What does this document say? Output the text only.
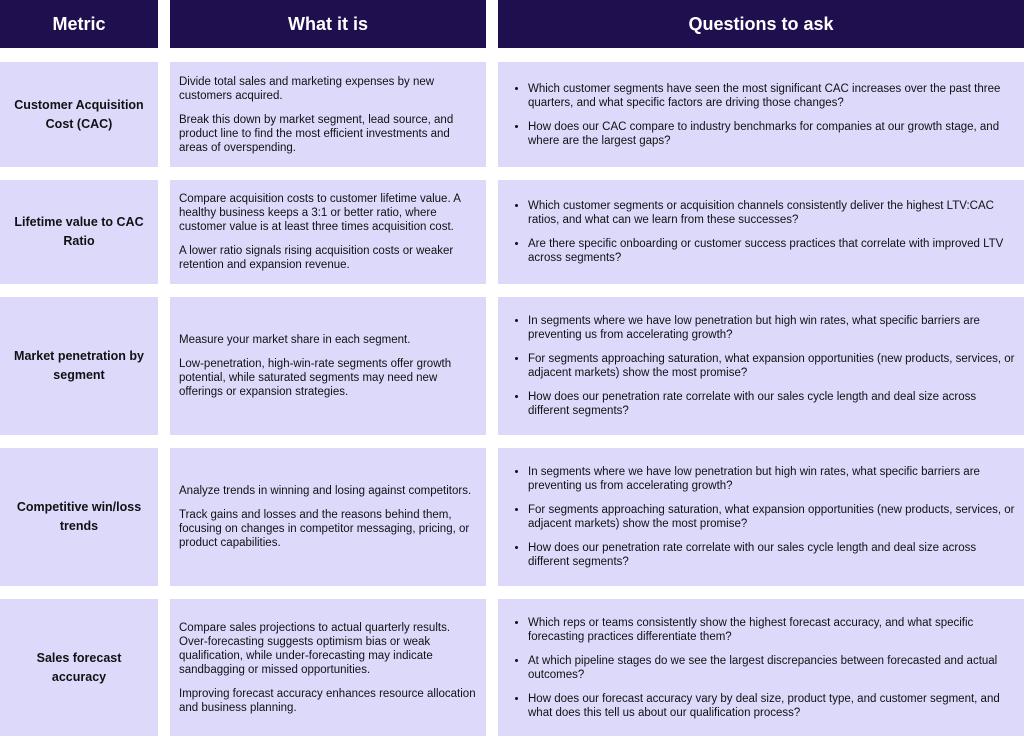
Metric	What it is	Questions to ask
Customer Acquisition Cost (CAC)

Divide total sales and marketing expenses by new customers acquired.

Break this down by market segment, lead source, and product line to find the most efficient investments and areas of overspending.

• Which customer segments have seen the most significant CAC increases over the past three quarters, and what specific factors are driving those changes?
• How does our CAC compare to industry benchmarks for companies at our growth stage, and where are the largest gaps?
Lifetime value to CAC Ratio

Compare acquisition costs to customer lifetime value. A healthy business keeps a 3:1 or better ratio, where customer value is at least three times acquisition cost.

A lower ratio signals rising acquisition costs or weaker retention and expansion revenue.

• Which customer segments or acquisition channels consistently deliver the highest LTV:CAC ratios, and what can we learn from these successes?
• Are there specific onboarding or customer success practices that correlate with improved LTV across segments?
Market penetration by segment

Measure your market share in each segment.

Low-penetration, high-win-rate segments offer growth potential, while saturated segments may need new offerings or expansion strategies.

• In segments where we have low penetration but high win rates, what specific barriers are preventing us from accelerating growth?
• For segments approaching saturation, what expansion opportunities (new products, services, or adjacent markets) show the most promise?
• How does our penetration rate correlate with our sales cycle length and deal size across different segments?
Competitive win/loss trends

Analyze trends in winning and losing against competitors.

Track gains and losses and the reasons behind them, focusing on changes in competitor messaging, pricing, or product capabilities.

• In segments where we have low penetration but high win rates, what specific barriers are preventing us from accelerating growth?
• For segments approaching saturation, what expansion opportunities (new products, services, or adjacent markets) show the most promise?
• How does our penetration rate correlate with our sales cycle length and deal size across different segments?
Sales forecast accuracy

Compare sales projections to actual quarterly results. Over-forecasting suggests optimism bias or weak qualification, while under-forecasting may indicate sandbagging or missed opportunities.

Improving forecast accuracy enhances resource allocation and business planning.

• Which reps or teams consistently show the highest forecast accuracy, and what specific forecasting practices differentiate them?
• At which pipeline stages do we see the largest discrepancies between forecasted and actual outcomes?
• How does our forecast accuracy vary by deal size, product type, and customer segment, and what does this tell us about our qualification process?
